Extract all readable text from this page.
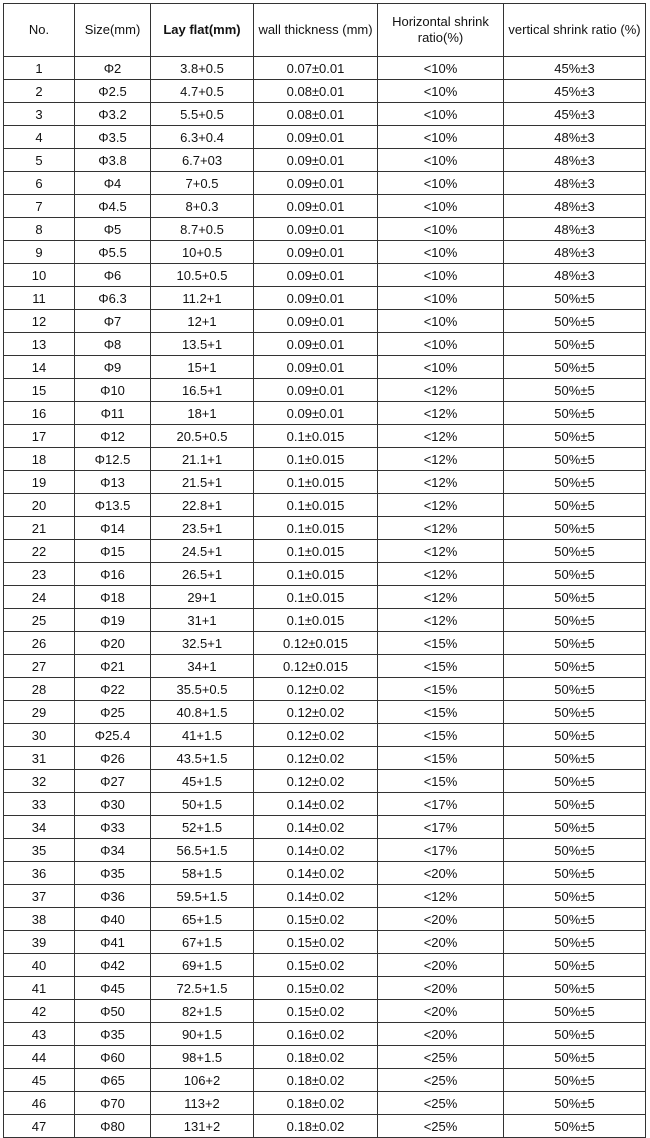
No.	Size(mm)	Lay flat(mm)	wall thickness (mm)	Horizontal shrink ratio(%)	vertical shrink ratio (%)
1	Φ2	3.8+0.5	0.07±0.01	<10%	45%±3
2	Φ2.5	4.7+0.5	0.08±0.01	<10%	45%±3
3	Φ3.2	5.5+0.5	0.08±0.01	<10%	45%±3
4	Φ3.5	6.3+0.4	0.09±0.01	<10%	48%±3
5	Φ3.8	6.7+03	0.09±0.01	<10%	48%±3
6	Φ4	7+0.5	0.09±0.01	<10%	48%±3
7	Φ4.5	8+0.3	0.09±0.01	<10%	48%±3
8	Φ5	8.7+0.5	0.09±0.01	<10%	48%±3
9	Φ5.5	10+0.5	0.09±0.01	<10%	48%±3
10	Φ6	10.5+0.5	0.09±0.01	<10%	48%±3
11	Φ6.3	11.2+1	0.09±0.01	<10%	50%±5
12	Φ7	12+1	0.09±0.01	<10%	50%±5
13	Φ8	13.5+1	0.09±0.01	<10%	50%±5
14	Φ9	15+1	0.09±0.01	<10%	50%±5
15	Φ10	16.5+1	0.09±0.01	<12%	50%±5
16	Φ11	18+1	0.09±0.01	<12%	50%±5
17	Φ12	20.5+0.5	0.1±0.015	<12%	50%±5
18	Φ12.5	21.1+1	0.1±0.015	<12%	50%±5
19	Φ13	21.5+1	0.1±0.015	<12%	50%±5
20	Φ13.5	22.8+1	0.1±0.015	<12%	50%±5
21	Φ14	23.5+1	0.1±0.015	<12%	50%±5
22	Φ15	24.5+1	0.1±0.015	<12%	50%±5
23	Φ16	26.5+1	0.1±0.015	<12%	50%±5
24	Φ18	29+1	0.1±0.015	<12%	50%±5
25	Φ19	31+1	0.1±0.015	<12%	50%±5
26	Φ20	32.5+1	0.12±0.015	<15%	50%±5
27	Φ21	34+1	0.12±0.015	<15%	50%±5
28	Φ22	35.5+0.5	0.12±0.02	<15%	50%±5
29	Φ25	40.8+1.5	0.12±0.02	<15%	50%±5
30	Φ25.4	41+1.5	0.12±0.02	<15%	50%±5
31	Φ26	43.5+1.5	0.12±0.02	<15%	50%±5
32	Φ27	45+1.5	0.12±0.02	<15%	50%±5
33	Φ30	50+1.5	0.14±0.02	<17%	50%±5
34	Φ33	52+1.5	0.14±0.02	<17%	50%±5
35	Φ34	56.5+1.5	0.14±0.02	<17%	50%±5
36	Φ35	58+1.5	0.14±0.02	<20%	50%±5
37	Φ36	59.5+1.5	0.14±0.02	<12%	50%±5
38	Φ40	65+1.5	0.15±0.02	<20%	50%±5
39	Φ41	67+1.5	0.15±0.02	<20%	50%±5
40	Φ42	69+1.5	0.15±0.02	<20%	50%±5
41	Φ45	72.5+1.5	0.15±0.02	<20%	50%±5
42	Φ50	82+1.5	0.15±0.02	<20%	50%±5
43	Φ35	90+1.5	0.16±0.02	<20%	50%±5
44	Φ60	98+1.5	0.18±0.02	<25%	50%±5
45	Φ65	106+2	0.18±0.02	<25%	50%±5
46	Φ70	113+2	0.18±0.02	<25%	50%±5
47	Φ80	131+2	0.18±0.02	<25%	50%±5
